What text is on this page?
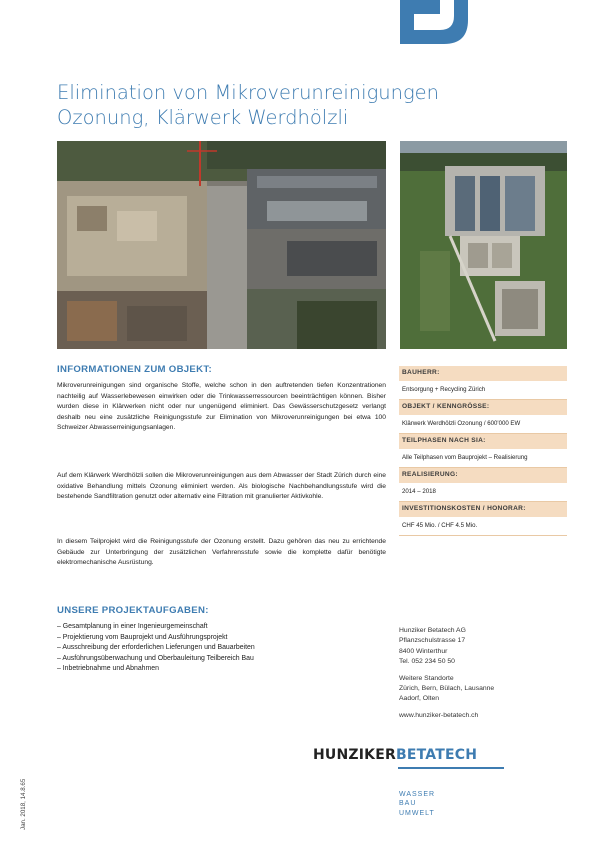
Elimination von Mikroverunreinigungen
Ozonung, Klärwerk Werdhölzli
INFORMATIONEN ZUM OBJEKT:

Mikroverunreinigungen sind organische Stoffe, welche schon in den auftretenden tiefen Konzentrationen nachteilig auf Wasserlebewesen einwirken oder die Trinkwasserressourcen beeinträchtigen können. Bisher wurden diese in Klärwerken nicht oder nur ungenügend eliminiert. Das Gewässerschutzgesetz verlangt deshalb neu eine zusätzliche Reinigungsstufe zur Elimination von Mikroverunreinigungen bei etwa 100 Schweizer Abwasserreinigungsanlagen.

Auf dem Klärwerk Werdhölzli sollen die Mikroverunreinigungen aus dem Abwasser der Stadt Zürich durch eine oxidative Behandlung mittels Ozonung eliminiert werden. Als biologische Nachbehandlungsstufe wird die bestehende Sandfiltration genutzt oder alternativ eine Filtration mit granulierter Aktivkohle.

In diesem Teilprojekt wird die Reinigungsstufe der Ozonung erstellt. Dazu gehören das neu zu errichtende Gebäude zur Unterbringung der zusätzlichen Verfahrensstufe sowie die komplette dafür benötigte elektromechanische Ausrüstung.

UNSERE PROJEKTAUFGABEN:
– Gesamtplanung in einer Ingenieurgemeinschaft
– Projektierung vom Bauprojekt und Ausführungsprojekt
– Ausschreibung der erforderlichen Lieferungen und Bauarbeiten
– Ausführungsüberwachung und Oberbauleitung Teilbereich Bau
– Inbetriebnahme und Abnahmen
BAUHERR:
Entsorgung + Recycling Zürich
OBJEKT / KENNGRÖSSE:
Klärwerk Werdhölzli Ozonung / 600'000 EW
TEILPHASEN NACH SIA:
Alle Teilphasen vom Bauprojekt – Realisierung
REALISIERUNG:
2014 – 2018
INVESTITIONSKOSTEN / HONORAR:
CHF 45 Mio. / CHF 4.5 Mio.
Hunziker Betatech AG
Pflanzschulstrasse 17
8400 Winterthur
Tel. 052 234 50 50
Weitere Standorte
Zürich, Bern, Bülach, Lausanne
Aadorf, Olten
www.hunziker-betatech.ch
HUNZIKERBETATECH
WASSER
BAU
UMWELT
Jan. 2018, 14.8.65
